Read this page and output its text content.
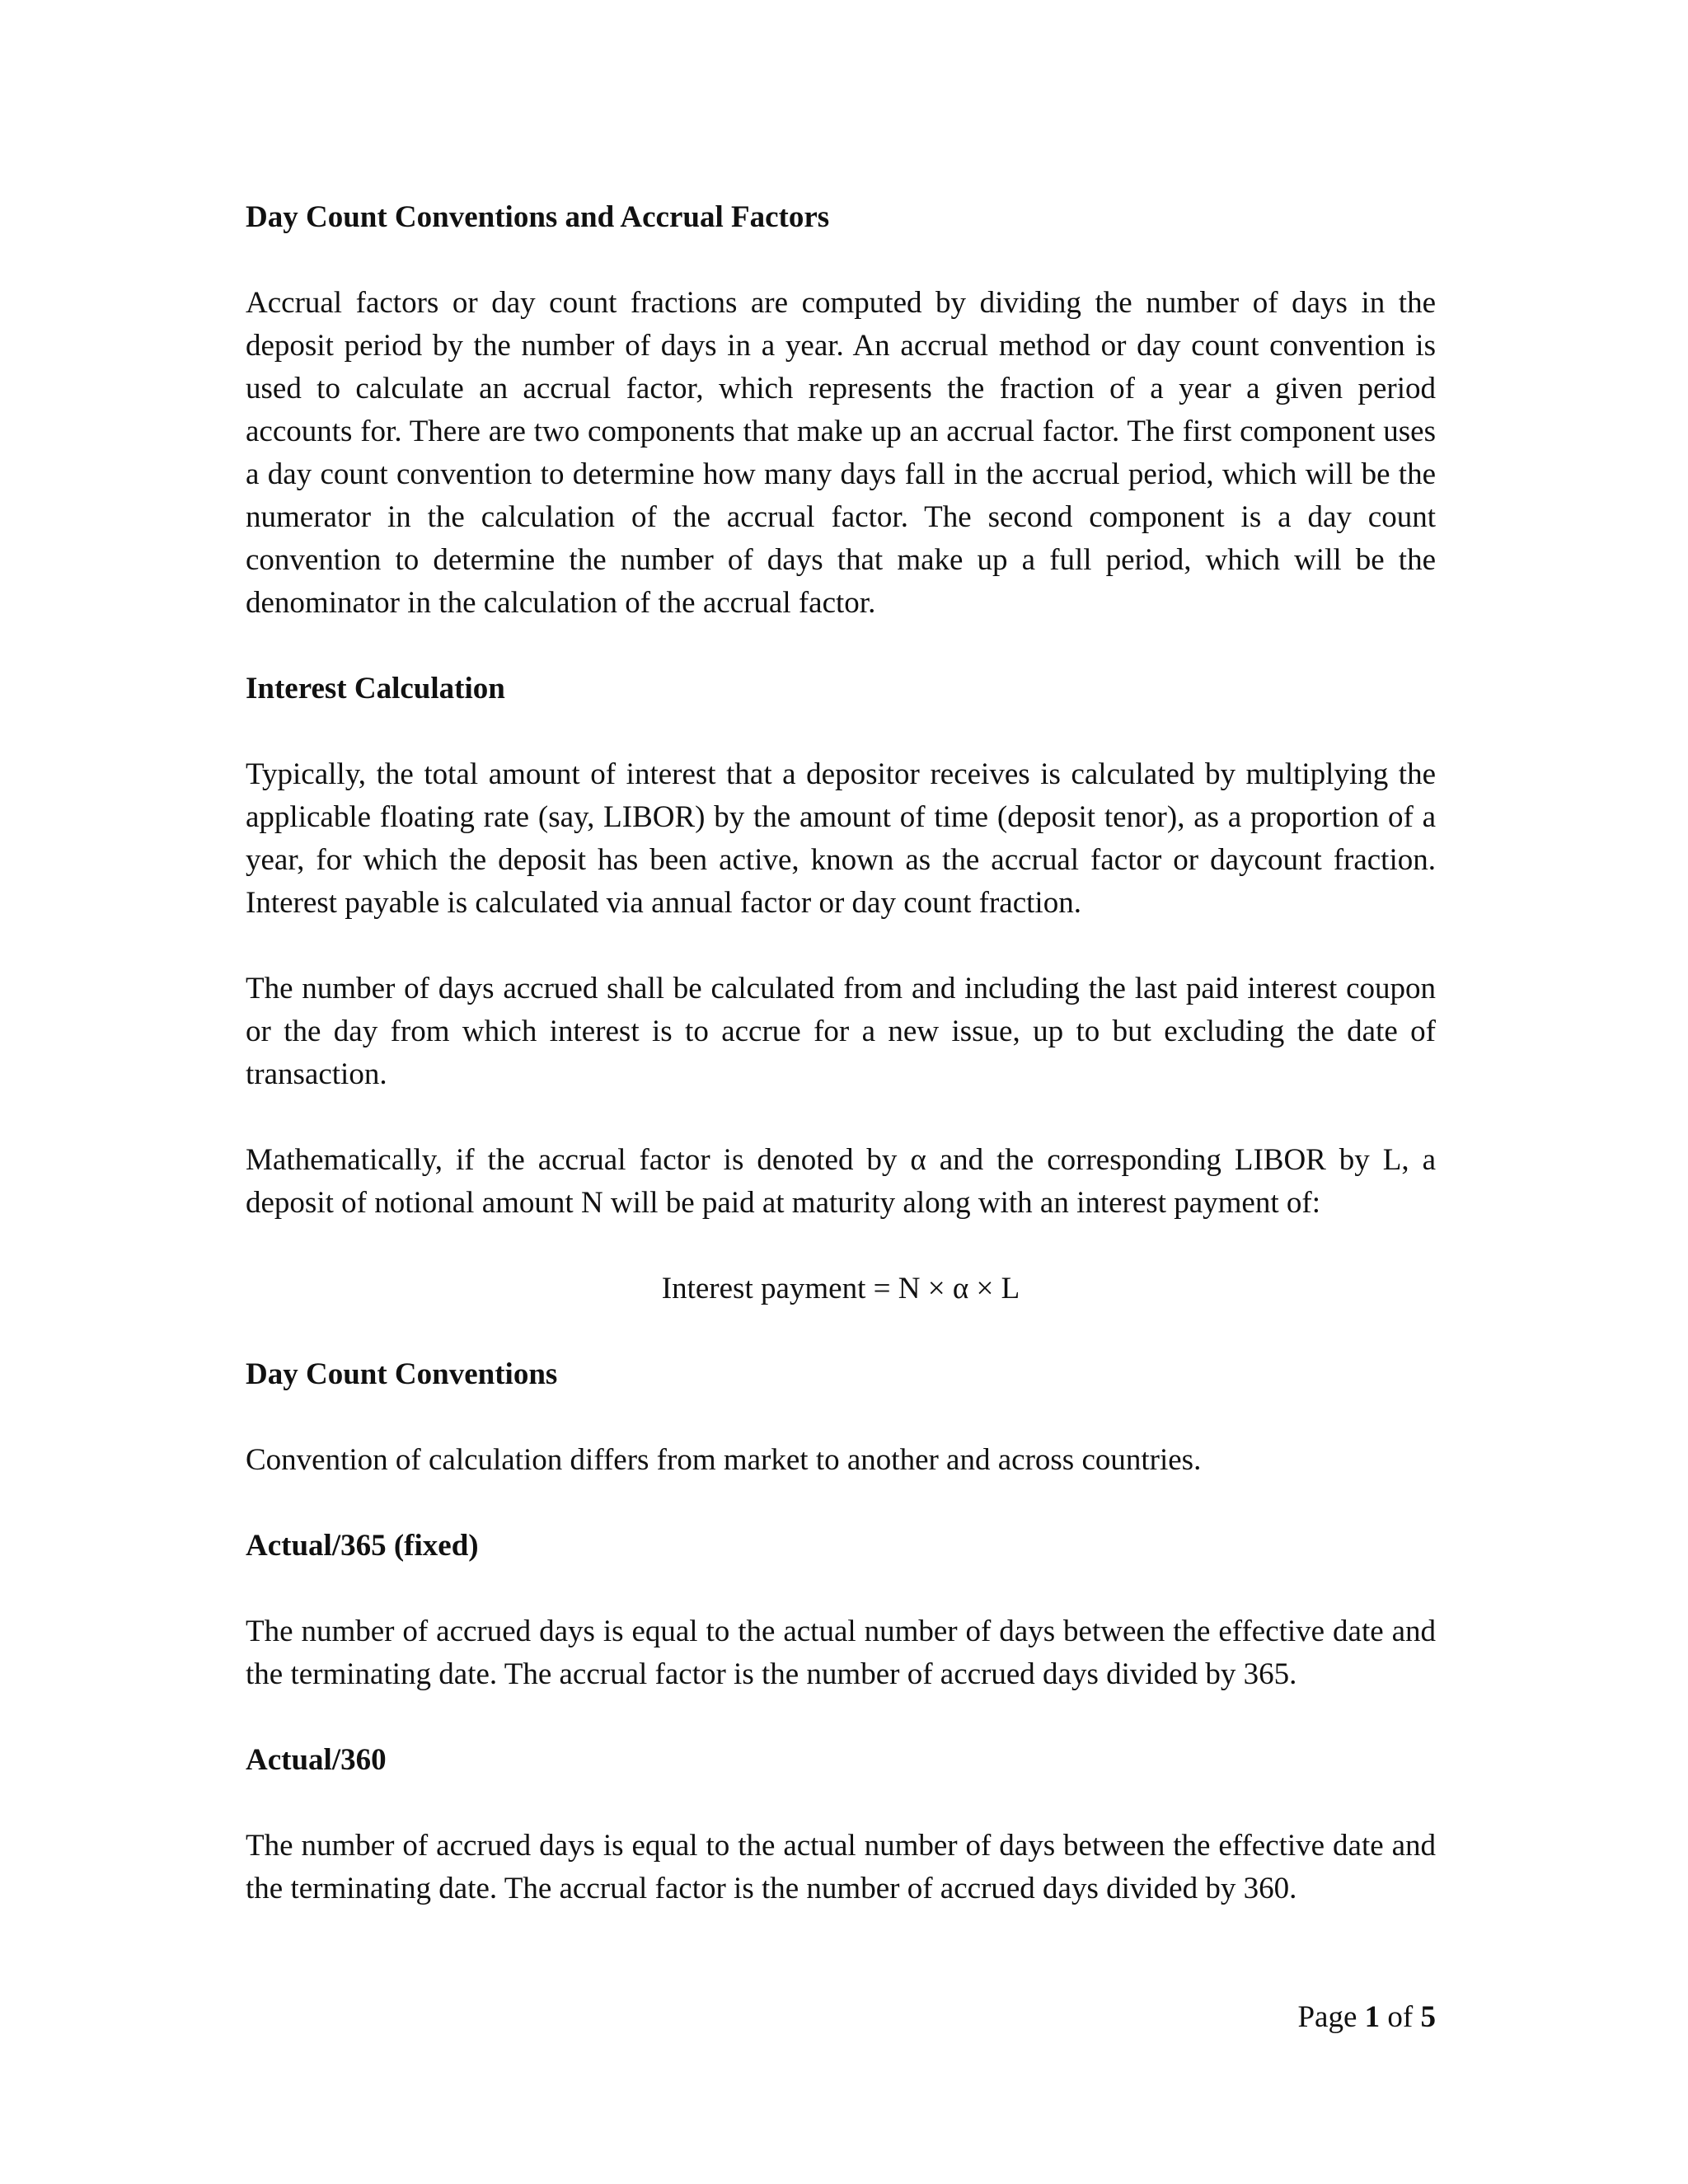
Day Count Conventions and Accrual Factors

Accrual factors or day count fractions are computed by dividing the number of days in the deposit period by the number of days in a year. An accrual method or day count convention is used to calculate an accrual factor, which represents the fraction of a year a given period accounts for. There are two components that make up an accrual factor. The first component uses a day count convention to determine how many days fall in the accrual period, which will be the numerator in the calculation of the accrual factor. The second component is a day count convention to determine the number of days that make up a full period, which will be the denominator in the calculation of the accrual factor.

Interest Calculation

Typically, the total amount of interest that a depositor receives is calculated by multiplying the applicable floating rate (say, LIBOR) by the amount of time (deposit tenor), as a proportion of a year, for which the deposit has been active, known as the accrual factor or daycount fraction. Interest payable is calculated via annual factor or day count fraction.

The number of days accrued shall be calculated from and including the last paid interest coupon or the day from which interest is to accrue for a new issue, up to but excluding the date of transaction.

Mathematically, if the accrual factor is denoted by α and the corresponding LIBOR by L, a deposit of notional amount N will be paid at maturity along with an interest payment of:

Interest payment = N × α × L

Day Count Conventions

Convention of calculation differs from market to another and across countries.

Actual/365 (fixed)

The number of accrued days is equal to the actual number of days between the effective date and the terminating date. The accrual factor is the number of accrued days divided by 365.

Actual/360

The number of accrued days is equal to the actual number of days between the effective date and the terminating date. The accrual factor is the number of accrued days divided by 360.

Page 1 of 5
